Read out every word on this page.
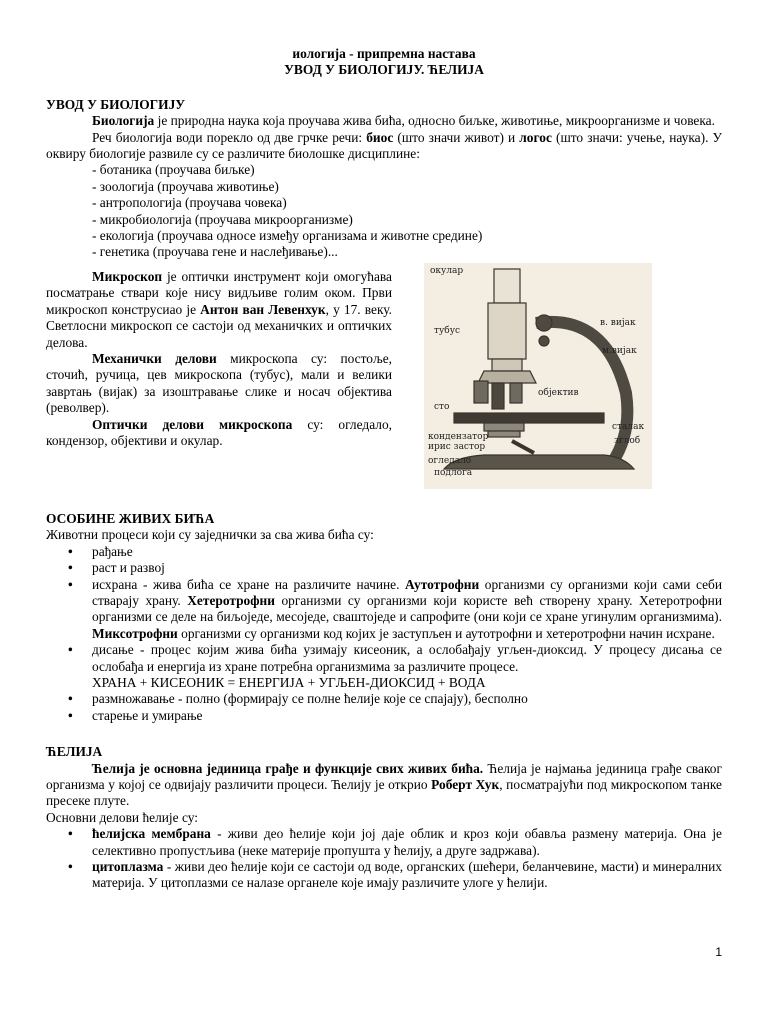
иологија - припремна настава

УВОД У БИОЛОГИЈУ. ЋЕЛИЈА

УВОД У БИОЛОГИЈУ

Биологија је природна наука која проучава жива бића, односно биљке, животиње, микроорганизме и човека.

Реч биологија води порекло од две грчке речи: биос (што значи живот) и логос (што значи: учење, наука). У оквиру биологије развиле су се различите биолошке дисциплине:

- ботаника (проучава биљке)
- зоологија (проучава животиње)
- антропологија (проучава човека)
- микробиологија (проучава микроорганизме)
- екологија (проучава односе између организама и животне средине)
- генетика (проучава гене и наслеђивање)...

Микроскоп је оптички инструмент који омогућава посматрање ствари које нису видљиве голим оком. Први микроскоп конструсиао је Антон ван Левенхук, у 17. веку. Светлосни микроскоп се састоји од механичких и оптичких делова.

Механички делови микроскопа су: постоље, сточић, ручица, цев микроскопа (тубус), мали и велики завртањ (вијак) за изоштравање слике и носач објектива (револвер).

Оптички делови микроскопа су: огледало, кондензор, објективи и окулар.

окулар
тубус
в. вијак
м.вијак
објектив
сто
сталак
зглоб
кондензатор
ирис застор
огледало
подлога

ОСОБИНЕ ЖИВИХ БИЋА

Животни процеси који су заједнички за сва жива бића су:

• рађање
• раст и развој
• исхрана - жива бића се хране на различите начине. Аутотрофни организми су организми који сами себи стварају храну. Хетеротрофни организми су организми који користе већ створену храну. Хетеротрофни организми се деле на биљоједе, месоједе, сваштоједе и сапрофите (они који се хране угинулим организмима). Миксотрофни организми су организми код којих је заступљен и аутотрофни и хетеротрофни начин исхране.
• дисање - процес којим жива бића узимају кисеоник, а ослобађају угљен-диоксид. У процесу дисања се ослобађа и енергија из хране потребна организмима за различите процесе.
ХРАНА + КИСЕОНИК = ЕНЕРГИЈА + УГЉЕН-ДИОКСИД + ВОДА
• размножавање - полно (формирају се полне ћелије које се спајају), бесполно
• старење и умирање

ЋЕЛИЈА

Ћелија је основна јединица грађе и функције свих живих бића. Ћелија је најмања јединица грађе сваког организма у којој се одвијају различити процеси. Ћелију је открио Роберт Хук, посматрајући под микроскопом танке пресеке плуте.

Основни делови ћелије су:

• ћелијска мембрана - живи део ћелије који јој даје облик и кроз који обавља размену материја. Она је селективно пропустљива (неке материје пропушта у ћелију, а друге задржава).
• цитоплазма - живи део ћелије који се састоји од воде, органских (шећери, беланчевине, масти) и минералних материја. У цитоплазми се налазе органеле које имају различите улоге у ћелији.
1
